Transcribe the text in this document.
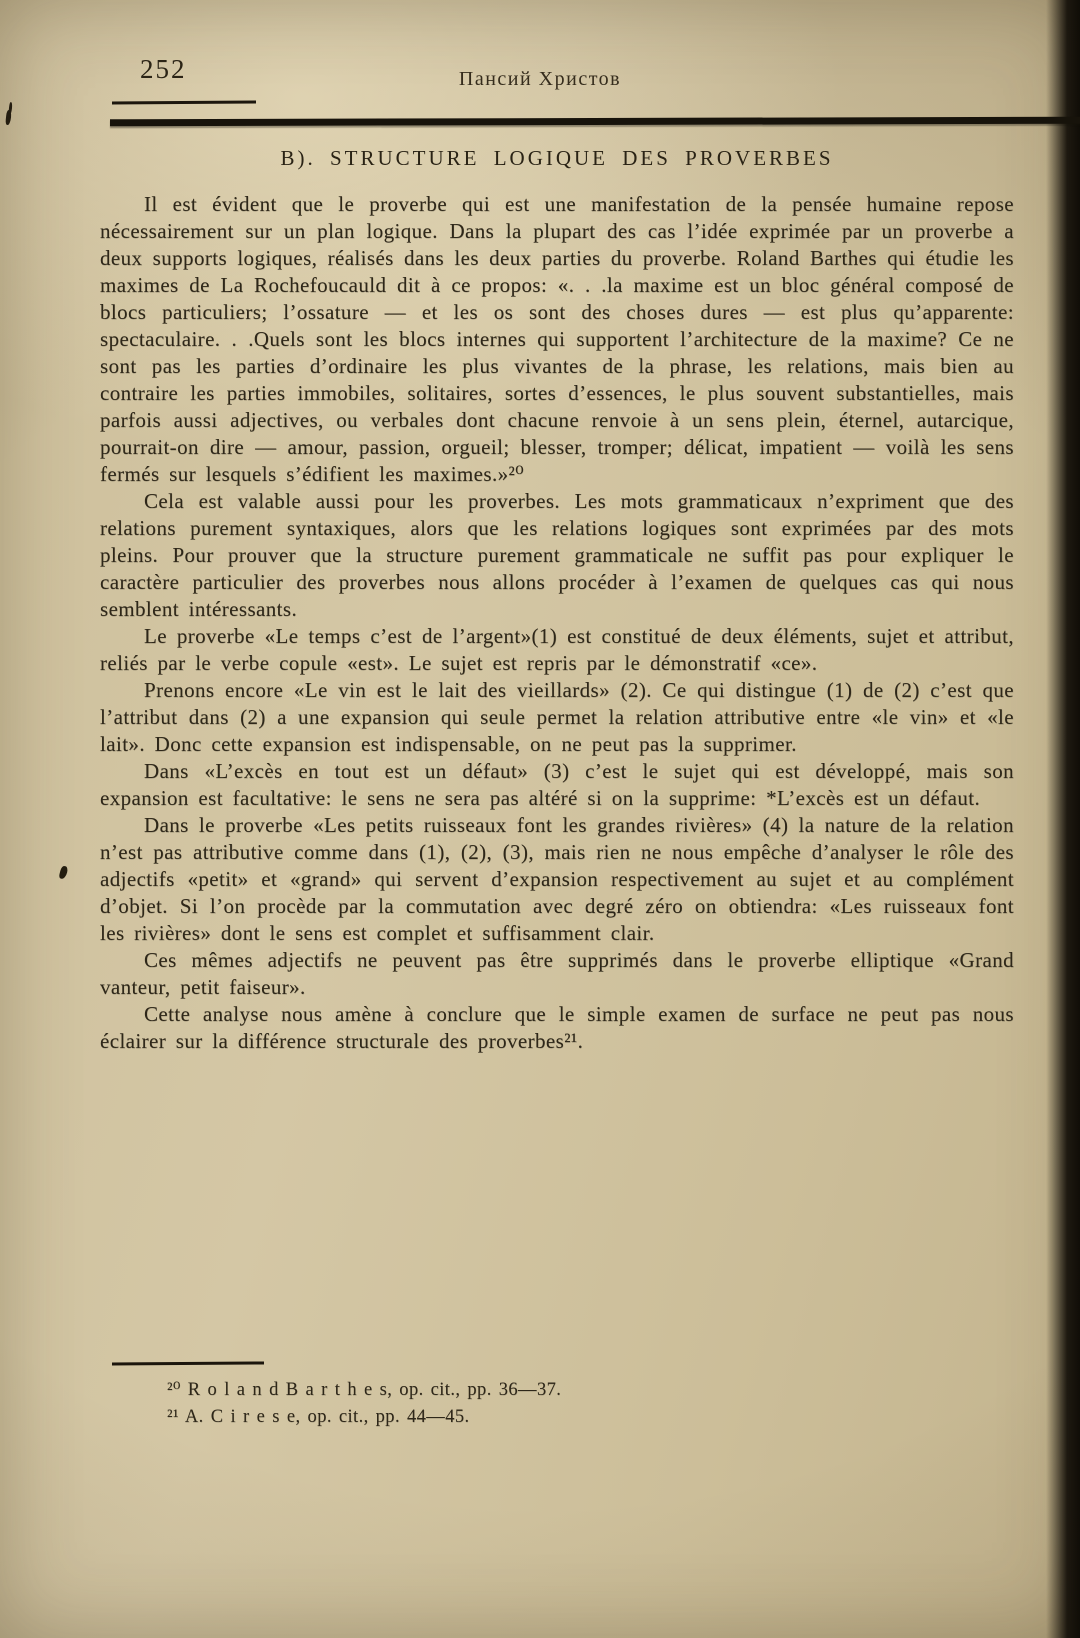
252	Пансий Христов
B). STRUCTURE LOGIQUE DES PROVERBES

Il est évident que le proverbe qui est une manifestation de la pensée humaine repose nécessairement sur un plan logique. Dans la plupart des cas l’idée exprimée par un proverbe a deux supports logiques, réalisés dans les deux parties du proverbe. Roland Barthes qui étudie les maximes de La Rochefoucauld dit à ce propos: «. . .la maxime est un bloc général composé de blocs particuliers; l’ossature — et les os sont des choses dures — est plus qu’apparente: spectaculaire. . .Quels sont les blocs internes qui supportent l’architecture de la maxime? Ce ne sont pas les parties d’ordinaire les plus vivantes de la phrase, les relations, mais bien au contraire les parties immobiles, solitaires, sortes d’essences, le plus souvent substantielles, mais parfois aussi adjectives, ou verbales dont chacune renvoie à un sens plein, éternel, autarcique, pourrait-on dire — amour, passion, orgueil; blesser, tromper; délicat, impatient — voilà les sens fermés sur lesquels s’édifient les maximes.»²⁰

Cela est valable aussi pour les proverbes. Les mots grammaticaux n’expriment que des relations purement syntaxiques, alors que les relations logiques sont exprimées par des mots pleins. Pour prouver que la structure purement grammaticale ne suffit pas pour expliquer le caractère particulier des proverbes nous allons procéder à l’examen de quelques cas qui nous semblent intéressants.

Le proverbe «Le temps c’est de l’argent»(1) est constitué de deux éléments, sujet et attribut, reliés par le verbe copule «est». Le sujet est repris par le démonstratif «ce».

Prenons encore «Le vin est le lait des vieillards» (2). Ce qui distingue (1) de (2) c’est que l’attribut dans (2) a une expansion qui seule permet la relation attributive entre «le vin» et «le lait». Donc cette expansion est indispensable, on ne peut pas la supprimer.

Dans «L’excès en tout est un défaut» (3) c’est le sujet qui est développé, mais son expansion est facultative: le sens ne sera pas altéré si on la supprime: *L’excès est un défaut.

Dans le proverbe «Les petits ruisseaux font les grandes rivières» (4) la nature de la relation n’est pas attributive comme dans (1), (2), (3), mais rien ne nous empêche d’analyser le rôle des adjectifs «petit» et «grand» qui servent d’expansion respectivement au sujet et au complément d’objet. Si l’on procède par la commutation avec degré zéro on obtiendra: «Les ruisseaux font les rivières» dont le sens est complet et suffisamment clair.

Ces mêmes adjectifs ne peuvent pas être supprimés dans le proverbe elliptique «Grand vanteur, petit faiseur».

Cette analyse nous amène à conclure que le simple examen de surface ne peut pas nous éclairer sur la différence structurale des proverbes²¹.

²⁰ R o l a n d B a r t h e s, op. cit., pp. 36—37.

²¹ A. C i r e s e, op. cit., pp. 44—45.
